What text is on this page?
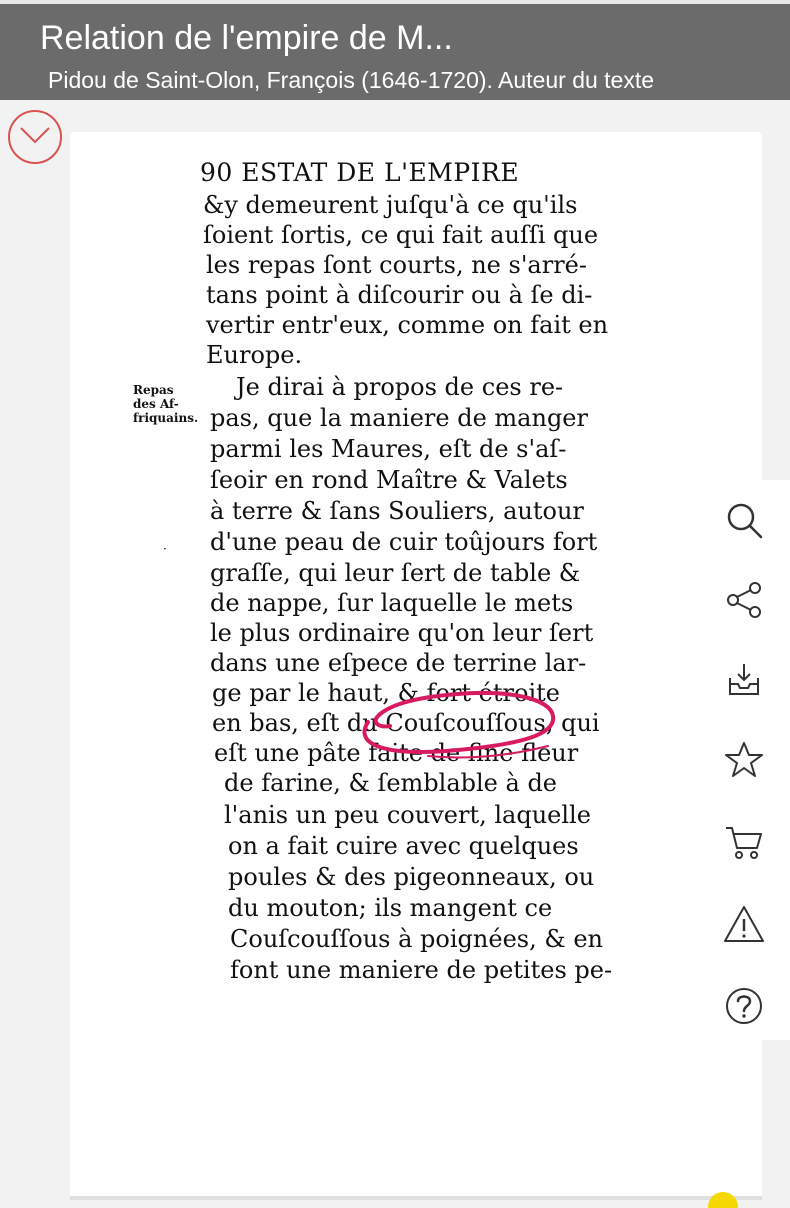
Relation de l'empire de M...
Pidou de Saint-Olon, François (1646-1720). Auteur du texte
90 ESTAT DE L'EMPIRE
&y demeurent juſqu'à ce qu'ils
ſoient ſortis, ce qui fait auſſi que
les repas ſont courts, ne s'arré-
tans point à diſcourir ou à ſe di-
vertir entr'eux, comme on fait en
Europe.
Repas
des Af-
friquains.
Je dirai à propos de ces re-
pas, que la maniere de manger
parmi les Maures, eſt de s'aſ-
ſeoir en rond Maître & Valets
à terre & ſans Souliers, autour
· d'une peau de cuir toûjours fort
graſſe, qui leur ſert de table &
de nappe, ſur laquelle le mets
le plus ordinaire qu'on leur ſert
dans une eſpece de terrine lar-
ge par le haut, & fort étroite
en bas, eſt du Couſcouſſous, qui
eſt une pâte faite de fine fleur
de farine, & ſemblable à de
l'anis un peu couvert, laquelle
on a fait cuire avec quelques
poules & des pigeonneaux, ou
du mouton; ils mangent ce
Couſcouſſous à poignées, & en
font une maniere de petites pe-
